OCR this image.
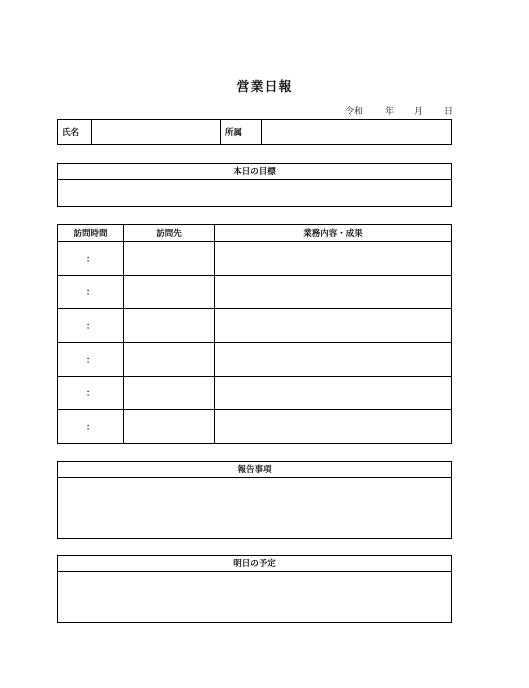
営業日報
令和 年 月 日
氏名	所属
本日の目標
訪問時間	訪問先	業務内容・成果
：		
：		
：		
：		
：		
：		
報告事項
明日の予定
